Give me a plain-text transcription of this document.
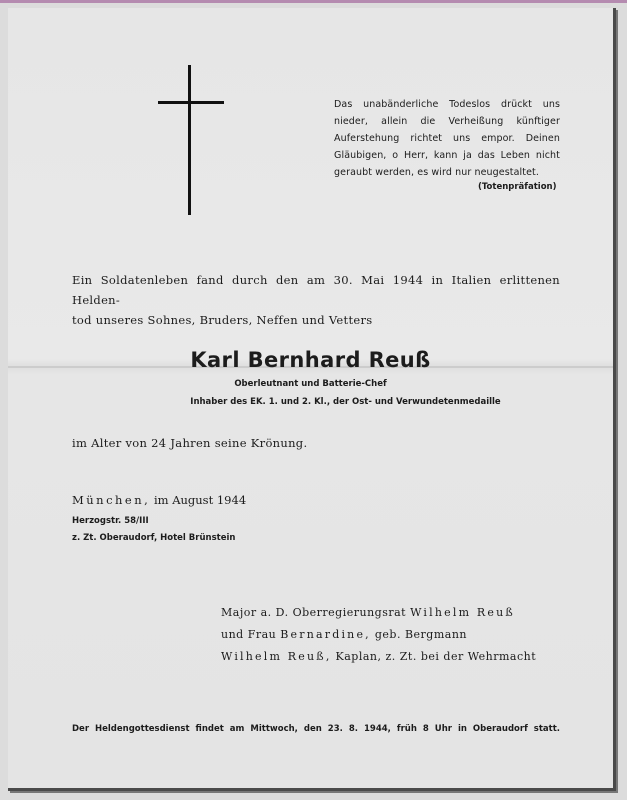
Das unabänderliche Todeslos drückt uns
nieder, allein die Verheißung künftiger
Auferstehung richtet uns empor. Deinen
Gläubigen, o Herr, kann ja das Leben nicht
geraubt werden, es wird nur neugestaltet.
(Totenpräfation)
Ein Soldatenleben fand durch den am 30. Mai 1944 in Italien erlittenen Helden-
tod unseres Sohnes, Bruders, Neffen und Vetters
Karl Bernhard Reuß
Oberleutnant und Batterie-Chef
Inhaber des EK. 1. und 2. Kl., der Ost- und Verwundetenmedaille
im Alter von 24 Jahren seine Krönung.
München, im August 1944
Herzogstr. 58/III
z. Zt. Oberaudorf, Hotel Brünstein
Major a. D. Oberregierungsrat Wilhelm Reuß
und Frau Bernardine, geb. Bergmann
Wilhelm Reuß, Kaplan, z. Zt. bei der Wehrmacht
Der Heldengottesdienst findet am Mittwoch, den 23. 8. 1944, früh 8 Uhr in Oberaudorf statt.
